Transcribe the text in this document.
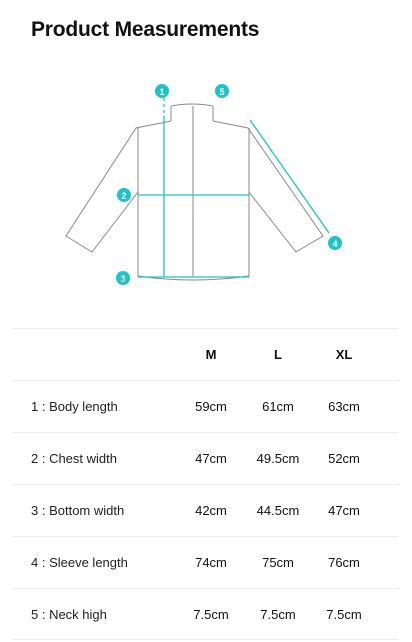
Product Measurements
1	5
2
3
4
M	L	XL
1 : Body length	59cm	61cm	63cm
2 : Chest width	47cm	49.5cm	52cm
3 : Bottom width	42cm	44.5cm	47cm
4 : Sleeve length	74cm	75cm	76cm
5 : Neck high	7.5cm	7.5cm	7.5cm
